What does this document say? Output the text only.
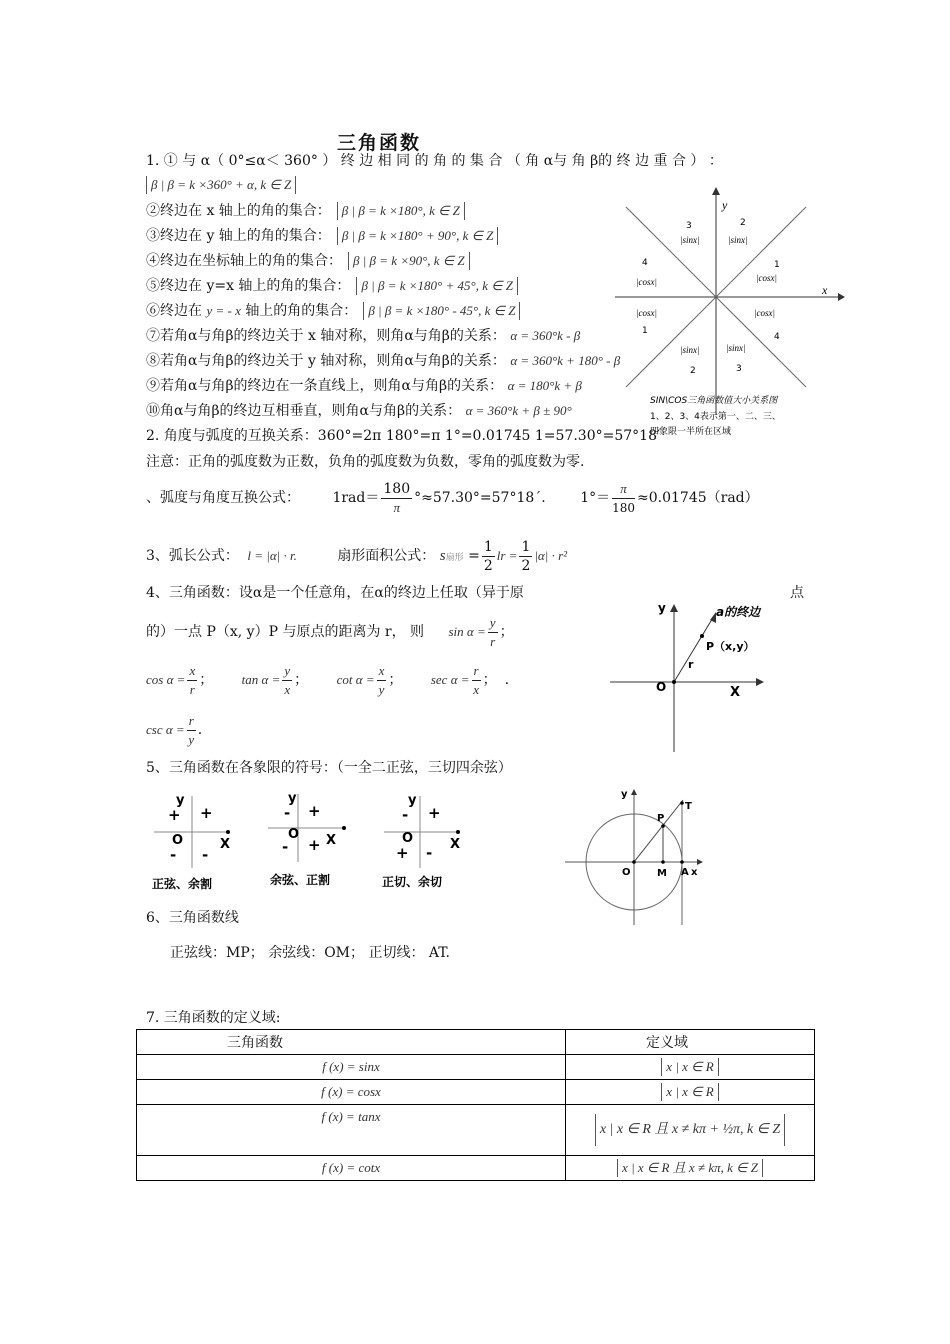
三角函数
1. ① 与 α（ 0°≤α＜ 360° ） 终 边 相 同 的 角 的 集 合 （ 角 α与 角 β的 终 边 重 合 ） ：
β | β = k ×360° + α, k ∈ Z
②终边在 x 轴上的角的集合： β | β = k ×180°, k ∈ Z
③终边在 y 轴上的角的集合： β | β = k ×180° + 90°, k ∈ Z
④终边在坐标轴上的角的集合： β | β = k ×90°, k ∈ Z
⑤终边在 y=x 轴上的角的集合： β | β = k ×180° + 45°, k ∈ Z
⑥终边在 y = - x 轴上的角的集合： β | β = k ×180° - 45°, k ∈ Z
⑦若角α与角β的终边关于 x 轴对称，则角α与角β的关系： α = 360°k - β
⑧若角α与角β的终边关于 y 轴对称，则角α与角β的关系： α = 360°k + 180° - β
⑨若角α与角β的终边在一条直线上，则角α与角β的关系： α = 180°k + β
⑩角α与角β的终边互相垂直，则角α与角β的关系： α = 360°k + β ± 90°
x
y
3	2
|sinx|	|sinx|
4	1
|cosx|	|cosx|
|cosx|	|cosx|
1
4
|sinx|	|sinx|
2	3
SIN\COS三角函数值大小关系图
1、2、3、4表示第一、二、三、
四象限一半所在区域
2. 角度与弧度的互换关系：360°=2π 180°=π 1°=0.01745 1=57.30°=57°18′
注意：正角的弧度数为正数，负角的弧度数为负数，零角的弧度数为零.
、弧度与角度互换公式： $1rad= \frac{180}{\pi}$ °≈57.30°=57°18ˊ. $1^\circ= \frac{\pi}{180} \approx 0.01745(rad)$
3、弧长公式： l = |α| · r.	扇形面积公式： s扇形 = $\frac{1}{2}$ lr = $\frac{1}{2} |\alpha| \cdot r^2$
4、三角函数：设α是一个任意角，在α的终边上任取（异于原	点
的）一点 P（x, y）P 与原点的距离为 r， 则 $\sin \alpha = \frac{y}{r}$ ；
$\cos \alpha = \frac{x}{r}$ ； $\tan \alpha = \frac{y}{x}$ ； $\cot \alpha = \frac{x}{y}$ ； $\sec \alpha = \frac{r}{x}$ ； .
$\csc \alpha = \frac{r}{y}$ .
y	a的终边
P（x,y）
r
O	X
5、三角函数在各象限的符号：（一全二正弦，三切四余弦）
y
+ +
O	X
- -
正弦、余割
y
- +
O X
- +
余弦、正割
y
- +
O	X
+ -
正切、余切
y
T
P
O	M A x
6、三角函数线
正弦线：MP； 余弦线：OM； 正切线： AT.
7. 三角函数的定义域:
三角函数	定义域
f (x) = sinx	x | x ∈ R
f (x) = cosx	x | x ∈ R
f (x) = tanx	x | x ∈ R 且 x ≠ kπ + ½π, k ∈ Z
f (x) = cotx	x | x ∈ R 且 x ≠ kπ, k ∈ Z
